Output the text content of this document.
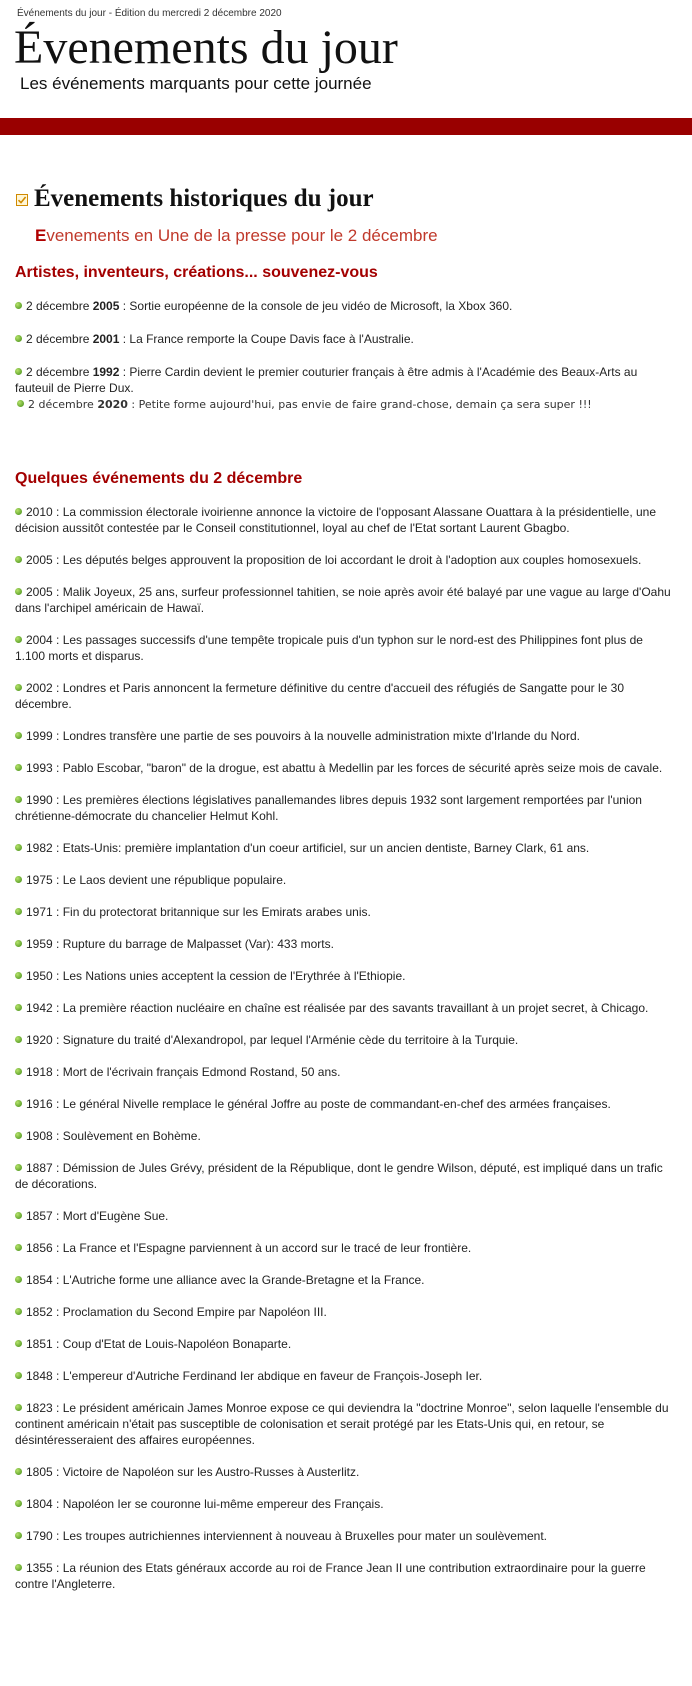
Événements du jour - Édition du mercredi 2 décembre 2020
Évenements du jour
Les événements marquants pour cette journée
Évenements historiques du jour
Evenements en Une de la presse pour le 2 décembre
Artistes, inventeurs, créations... souvenez-vous
2 décembre 2005 : Sortie européenne de la console de jeu vidéo de Microsoft, la Xbox 360.
2 décembre 2001 : La France remporte la Coupe Davis face à l'Australie.
2 décembre 1992 : Pierre Cardin devient le premier couturier français à être admis à l'Académie des Beaux-Arts au fauteuil de Pierre Dux.
2 décembre 2020 : Petite forme aujourd'hui, pas envie de faire grand-chose, demain ça sera super !!!
Quelques événements du 2 décembre
2010 : La commission électorale ivoirienne annonce la victoire de l'opposant Alassane Ouattara à la présidentielle, une décision aussitôt contestée par le Conseil constitutionnel, loyal au chef de l'Etat sortant Laurent Gbagbo.
2005 : Les députés belges approuvent la proposition de loi accordant le droit à l'adoption aux couples homosexuels.
2005 : Malik Joyeux, 25 ans, surfeur professionnel tahitien, se noie après avoir été balayé par une vague au large d'Oahu dans l'archipel américain de Hawaï.
2004 : Les passages successifs d'une tempête tropicale puis d'un typhon sur le nord-est des Philippines font plus de 1.100 morts et disparus.
2002 : Londres et Paris annoncent la fermeture définitive du centre d'accueil des réfugiés de Sangatte pour le 30 décembre.
1999 : Londres transfère une partie de ses pouvoirs à la nouvelle administration mixte d'Irlande du Nord.
1993 : Pablo Escobar, "baron" de la drogue, est abattu à Medellin par les forces de sécurité après seize mois de cavale.
1990 : Les premières élections législatives panallemandes libres depuis 1932 sont largement remportées par l'union chrétienne-démocrate du chancelier Helmut Kohl.
1982 : Etats-Unis: première implantation d'un coeur artificiel, sur un ancien dentiste, Barney Clark, 61 ans.
1975 : Le Laos devient une république populaire.
1971 : Fin du protectorat britannique sur les Emirats arabes unis.
1959 : Rupture du barrage de Malpasset (Var): 433 morts.
1950 : Les Nations unies acceptent la cession de l'Erythrée à l'Ethiopie.
1942 : La première réaction nucléaire en chaîne est réalisée par des savants travaillant à un projet secret, à Chicago.
1920 : Signature du traité d'Alexandropol, par lequel l'Arménie cède du territoire à la Turquie.
1918 : Mort de l'écrivain français Edmond Rostand, 50 ans.
1916 : Le général Nivelle remplace le général Joffre au poste de commandant-en-chef des armées françaises.
1908 : Soulèvement en Bohème.
1887 : Démission de Jules Grévy, président de la République, dont le gendre Wilson, député, est impliqué dans un trafic de décorations.
1857 : Mort d'Eugène Sue.
1856 : La France et l'Espagne parviennent à un accord sur le tracé de leur frontière.
1854 : L'Autriche forme une alliance avec la Grande-Bretagne et la France.
1852 : Proclamation du Second Empire par Napoléon III.
1851 : Coup d'Etat de Louis-Napoléon Bonaparte.
1848 : L'empereur d'Autriche Ferdinand Ier abdique en faveur de François-Joseph Ier.
1823 : Le président américain James Monroe expose ce qui deviendra la "doctrine Monroe", selon laquelle l'ensemble du continent américain n'était pas susceptible de colonisation et serait protégé par les Etats-Unis qui, en retour, se désintéresseraient des affaires européennes.
1805 : Victoire de Napoléon sur les Austro-Russes à Austerlitz.
1804 : Napoléon Ier se couronne lui-même empereur des Français.
1790 : Les troupes autrichiennes interviennent à nouveau à Bruxelles pour mater un soulèvement.
1355 : La réunion des Etats généraux accorde au roi de France Jean II une contribution extraordinaire pour la guerre contre l'Angleterre.
